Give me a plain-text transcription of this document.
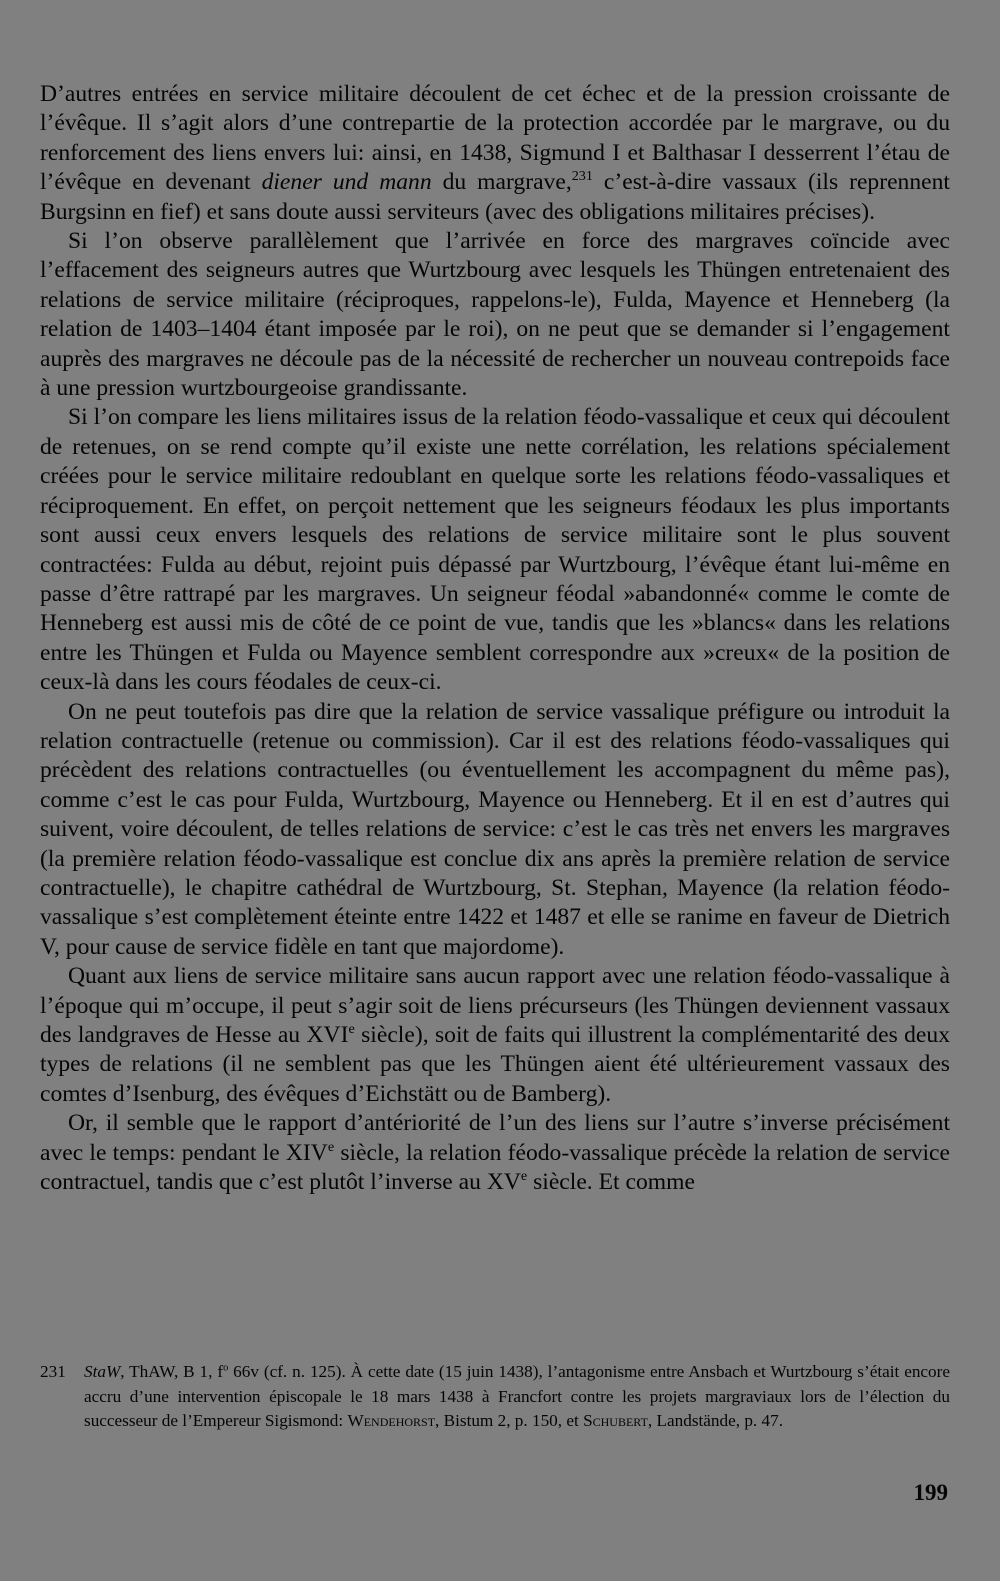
D’autres entrées en service militaire découlent de cet échec et de la pression croissante de l’évêque. Il s’agit alors d’une contrepartie de la protection accordée par le margrave, ou du renforcement des liens envers lui: ainsi, en 1438, Sigmund I et Balthasar I desserrent l’étau de l’évêque en devenant diener und mann du margrave,$^{231}$ c’est-à-dire vassaux (ils reprennent Burgsinn en fief) et sans doute aussi serviteurs (avec des obligations militaires précises).

Si l’on observe parallèlement que l’arrivée en force des margraves coïncide avec l’effacement des seigneurs autres que Wurtzbourg avec lesquels les Thüngen entretenaient des relations de service militaire (réciproques, rappelons-le), Fulda, Mayence et Henneberg (la relation de 1403–1404 étant imposée par le roi), on ne peut que se demander si l’engagement auprès des margraves ne découle pas de la nécessité de rechercher un nouveau contrepoids face à une pression wurtzbourgeoise grandissante.

Si l’on compare les liens militaires issus de la relation féodo-vassalique et ceux qui découlent de retenues, on se rend compte qu’il existe une nette corrélation, les relations spécialement créées pour le service militaire redoublant en quelque sorte les relations féodo-vassaliques et réciproquement. En effet, on perçoit nettement que les seigneurs féodaux les plus importants sont aussi ceux envers lesquels des relations de service militaire sont le plus souvent contractées: Fulda au début, rejoint puis dépassé par Wurtzbourg, l’évêque étant lui-même en passe d’être rattrapé par les margraves. Un seigneur féodal »abandonné« comme le comte de Henneberg est aussi mis de côté de ce point de vue, tandis que les »blancs« dans les relations entre les Thüngen et Fulda ou Mayence semblent correspondre aux »creux« de la position de ceux-là dans les cours féodales de ceux-ci.

On ne peut toutefois pas dire que la relation de service vassalique préfigure ou introduit la relation contractuelle (retenue ou commission). Car il est des relations féodo-vassaliques qui précèdent des relations contractuelles (ou éventuellement les accompagnent du même pas), comme c’est le cas pour Fulda, Wurtzbourg, Mayence ou Henneberg. Et il en est d’autres qui suivent, voire découlent, de telles relations de service: c’est le cas très net envers les margraves (la première relation féodo-vassalique est conclue dix ans après la première relation de service contractuelle), le chapitre cathédral de Wurtzbourg, St. Stephan, Mayence (la relation féodo-vassalique s’est complètement éteinte entre 1422 et 1487 et elle se ranime en faveur de Dietrich V, pour cause de service fidèle en tant que majordome).

Quant aux liens de service militaire sans aucun rapport avec une relation féodo-vassalique à l’époque qui m’occupe, il peut s’agir soit de liens précurseurs (les Thüngen deviennent vassaux des landgraves de Hesse au XVIe siècle), soit de faits qui illustrent la complémentarité des deux types de relations (il ne semblent pas que les Thüngen aient été ultérieurement vassaux des comtes d’Isenburg, des évêques d’Eichstätt ou de Bamberg).

Or, il semble que le rapport d’antériorité de l’un des liens sur l’autre s’inverse précisément avec le temps: pendant le XIVe siècle, la relation féodo-vassalique précède la relation de service contractuel, tandis que c’est plutôt l’inverse au XVe siècle. Et comme

231	StaW, ThAW, B 1, $f^o$ 66v (cf. n. 125). À cette date (15 juin 1438), l’antagonisme entre Ansbach et Wurtzbourg s’était encore accru d’une intervention épiscopale le 18 mars 1438 à Francfort contre les projets margraviaux lors de l’élection du successeur de l’Empereur Sigismond: Wendehorst, Bistum 2, p. 150, et Schubert, Landstände, p. 47.
199
